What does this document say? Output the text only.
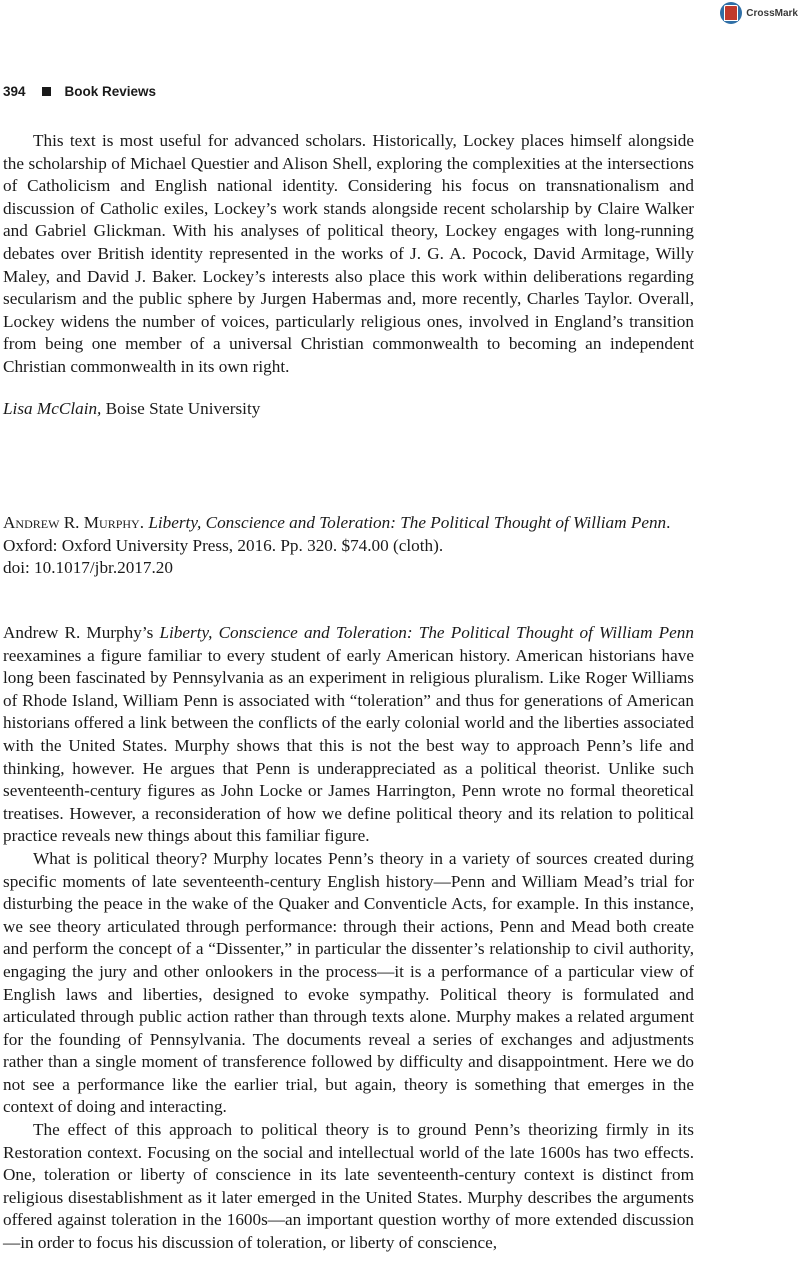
CrossMark
394	Book Reviews

This text is most useful for advanced scholars. Historically, Lockey places himself alongside the scholarship of Michael Questier and Alison Shell, exploring the complexities at the intersections of Catholicism and English national identity. Considering his focus on transnationalism and discussion of Catholic exiles, Lockey’s work stands alongside recent scholarship by Claire Walker and Gabriel Glickman. With his analyses of political theory, Lockey engages with long-running debates over British identity represented in the works of J. G. A. Pocock, David Armitage, Willy Maley, and David J. Baker. Lockey’s interests also place this work within deliberations regarding secularism and the public sphere by Jurgen Habermas and, more recently, Charles Taylor. Overall, Lockey widens the number of voices, particularly religious ones, involved in England’s transition from being one member of a universal Christian commonwealth to becoming an independent Christian commonwealth in its own right.

Lisa McClain, Boise State University
Andrew R. Murphy. Liberty, Conscience and Toleration: The Political Thought of William Penn.
Oxford: Oxford University Press, 2016. Pp. 320. $74.00 (cloth).
doi: 10.1017/jbr.2017.20

Andrew R. Murphy’s Liberty, Conscience and Toleration: The Political Thought of William Penn reexamines a figure familiar to every student of early American history. American historians have long been fascinated by Pennsylvania as an experiment in religious pluralism. Like Roger Williams of Rhode Island, William Penn is associated with “toleration” and thus for generations of American historians offered a link between the conflicts of the early colonial world and the liberties associated with the United States. Murphy shows that this is not the best way to approach Penn’s life and thinking, however. He argues that Penn is underappreciated as a political theorist. Unlike such seventeenth-century figures as John Locke or James Harrington, Penn wrote no formal theoretical treatises. However, a reconsideration of how we define political theory and its relation to political practice reveals new things about this familiar figure.

What is political theory? Murphy locates Penn’s theory in a variety of sources created during specific moments of late seventeenth-century English history—Penn and William Mead’s trial for disturbing the peace in the wake of the Quaker and Conventicle Acts, for example. In this instance, we see theory articulated through performance: through their actions, Penn and Mead both create and perform the concept of a “Dissenter,” in particular the dissenter’s relationship to civil authority, engaging the jury and other onlookers in the process—it is a performance of a particular view of English laws and liberties, designed to evoke sympathy. Political theory is formulated and articulated through public action rather than through texts alone. Murphy makes a related argument for the founding of Pennsylvania. The documents reveal a series of exchanges and adjustments rather than a single moment of transference followed by difficulty and disappointment. Here we do not see a performance like the earlier trial, but again, theory is something that emerges in the context of doing and interacting.

The effect of this approach to political theory is to ground Penn’s theorizing firmly in its Restoration context. Focusing on the social and intellectual world of the late 1600s has two effects. One, toleration or liberty of conscience in its late seventeenth-century context is distinct from religious disestablishment as it later emerged in the United States. Murphy describes the arguments offered against toleration in the 1600s—an important question worthy of more extended discussion—in order to focus his discussion of toleration, or liberty of conscience,
